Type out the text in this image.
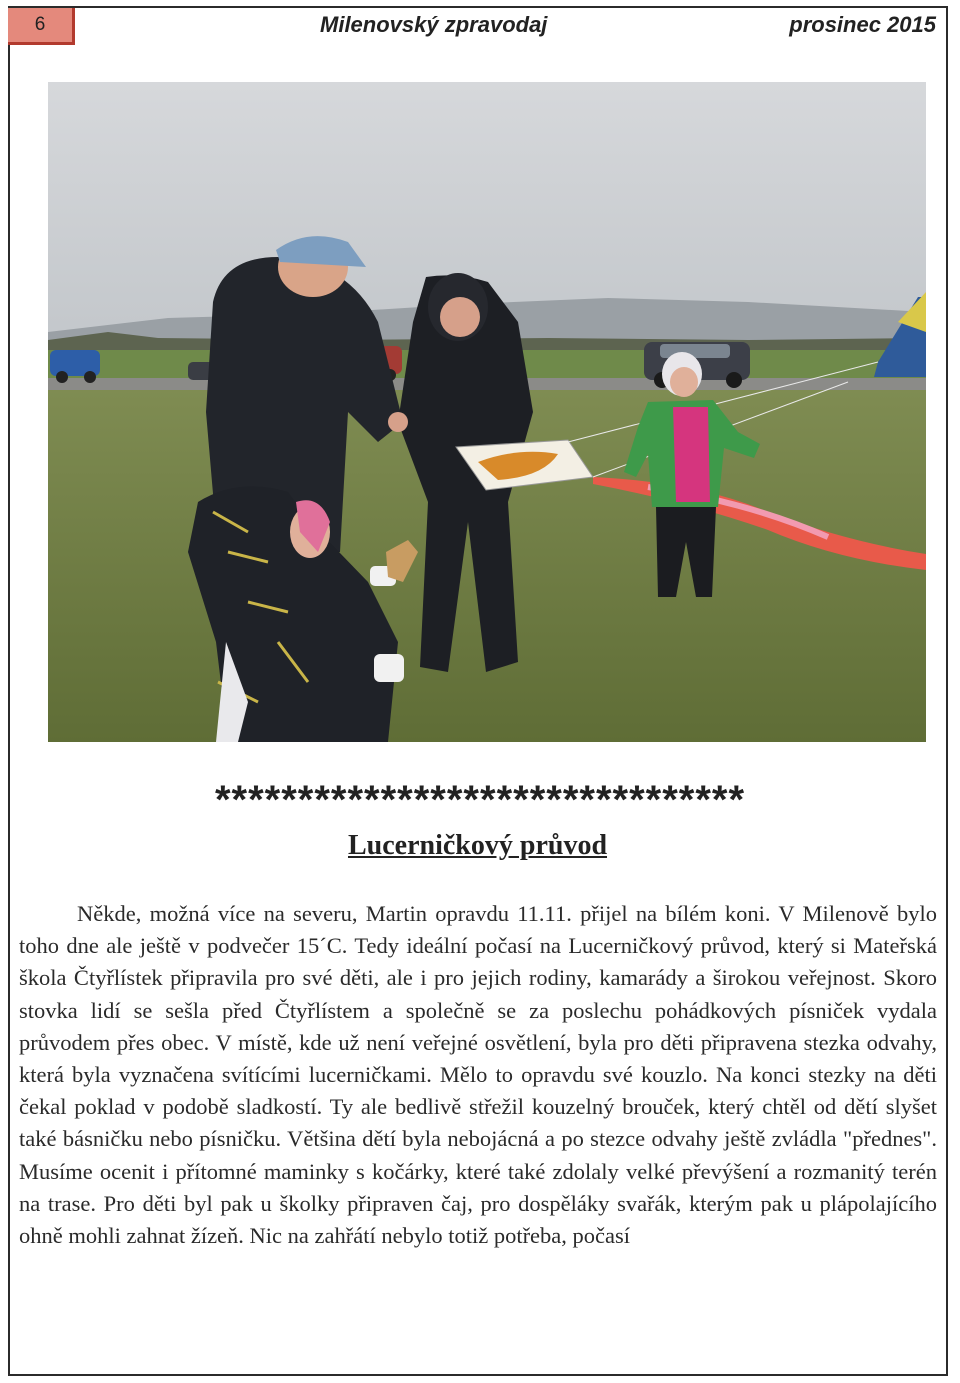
6	Milenovský zpravodaj	prosinec 2015
********************************
Lucerničkový průvod

Někde, možná více na severu, Martin opravdu 11.11. přijel na bílém koni. V Milenově bylo toho dne ale ještě v podvečer 15´C. Tedy ideální počasí na Lucerničkový průvod, který si Mateřská škola Čtyřlístek připravila pro své děti, ale i pro jejich rodiny, kamarády a širokou veřejnost. Skoro stovka lidí se sešla před Čtyřlístem a společně se za poslechu pohádkových písniček vydala průvodem přes obec. V místě, kde už není veřejné osvětlení, byla pro děti připravena stezka odvahy, která byla vyznačena svítícími lucerničkami. Mělo to opravdu své kouzlo. Na konci stezky na děti čekal poklad v podobě sladkostí. Ty ale bedlivě střežil kouzelný brouček, který chtěl od dětí slyšet také básničku nebo písničku. Většina dětí byla nebojácná a po stezce odvahy ještě zvládla "přednes". Musíme ocenit i přítomné maminky s kočárky, které také zdolaly velké převýšení a rozmanitý terén na trase. Pro děti byl pak u školky připraven čaj, pro dospěláky svařák, kterým pak u plápolajícího ohně mohli zahnat žízeň. Nic na zahřátí nebylo totiž potřeba, počasí
